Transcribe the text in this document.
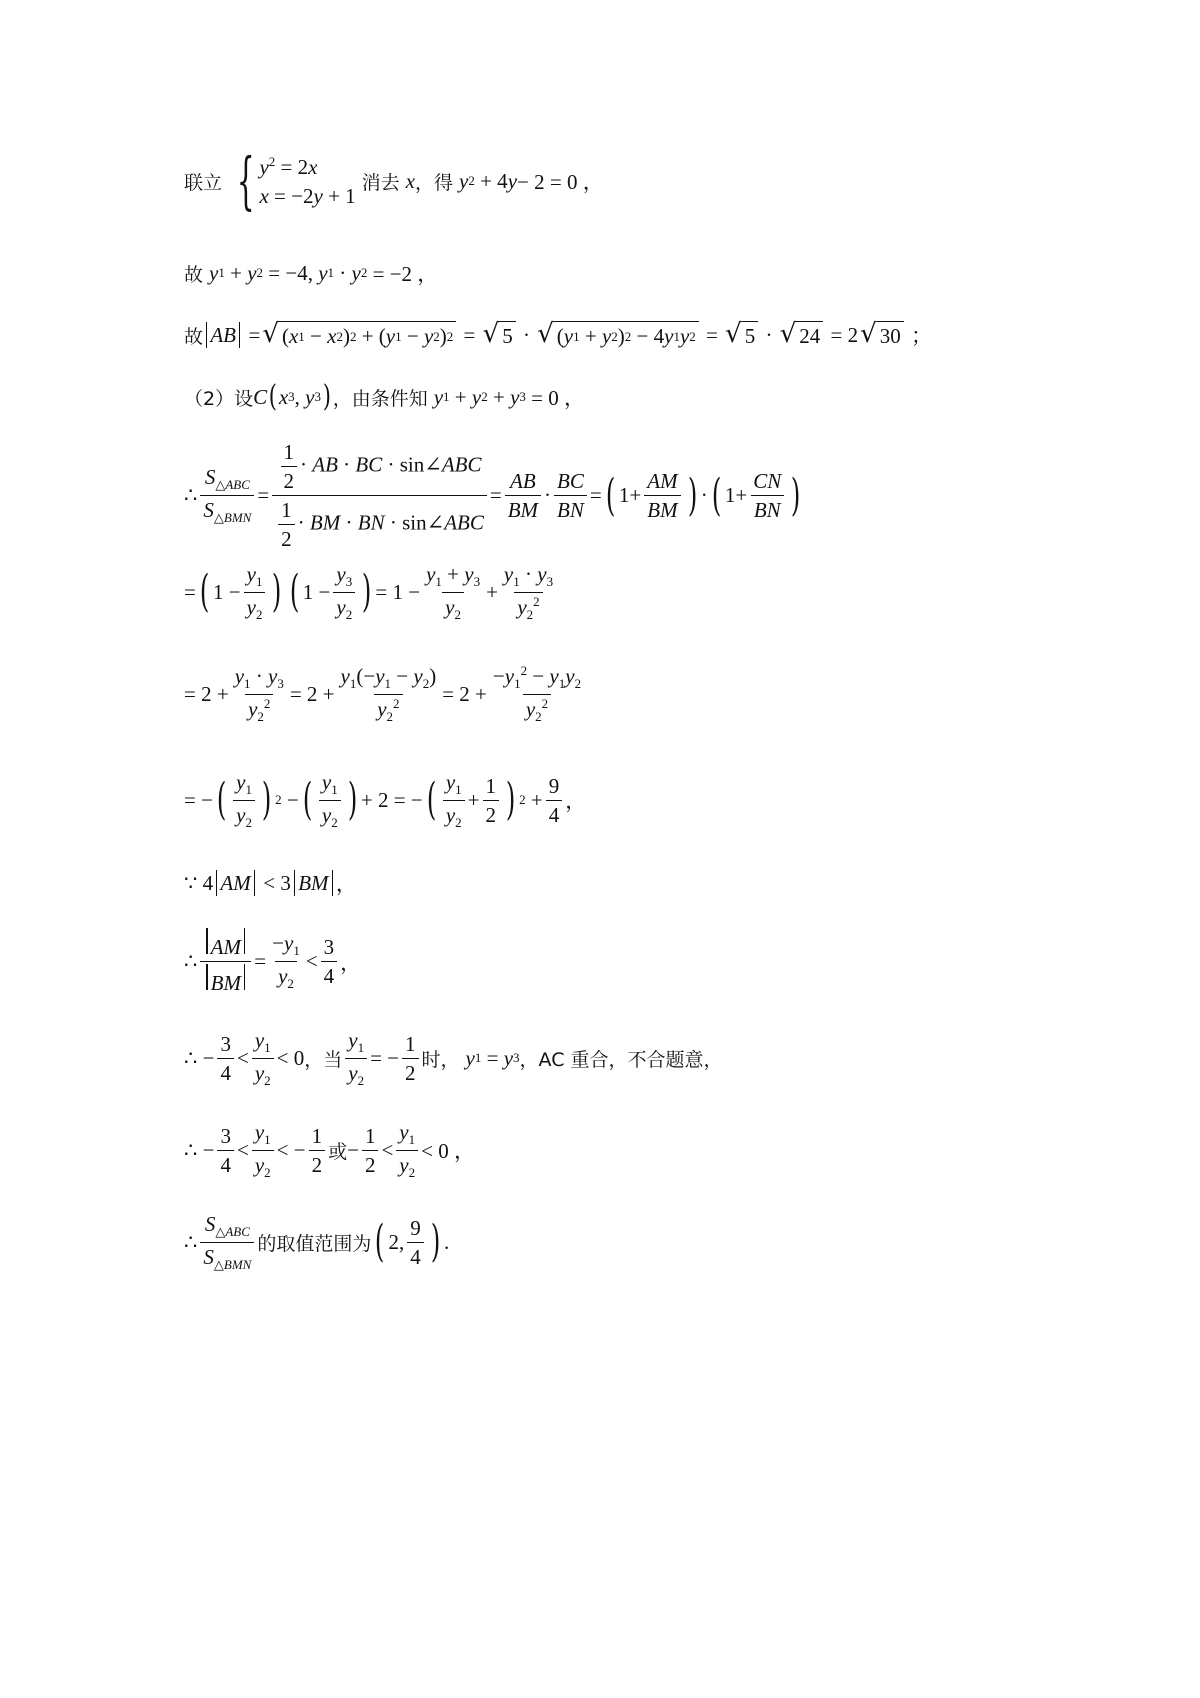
联立 { $y^2 = 2x$
x = −2y + 1
消去 x ，得 y 2 + 4 y − 2 = 0 ，
故 y 1 + y 2 = −4, y 1 · y 2 = −2 ，
故 AB = √ ( x 1 − x 2 ) 2 + ( y 1 − y 2 ) 2 = √ 5 · √ ( y 1 + y 2 ) 2 − 4 y 1 y 2 = √ 5 · √ 24 = 2 √ 30 ；
（2）设 C ( x 3 , y 3 ) ，由条件知 y 1 + y 2 + y 3 = 0 ，
∴ $\frac{S_{\triangle ABC}}{S_{\triangle BMN}} = \frac{\frac{1}{2} \cdot AB \cdot BC \cdot \sin\angle ABC}{\frac{1}{2} \cdot BM \cdot BN \cdot \sin\angle ABC} = \frac{AB}{BM} \cdot \frac{BC}{BN}$ = ( $1+ \frac{AM}{BM}$ ) · ( $1+ \frac{CN}{BN}$ )
= ( $1 - \frac{y_1}{y_2}$ ) ( $1 - \frac{y_3}{y_2}$ ) = $1 - \frac{y_1 + y_3}{y_2} + \frac{y_1 \cdot y_3}{y_2^2}$
= $2 + \frac{y_1 \cdot y_3}{y_2^2} = 2 + \frac{y_1(-y_1 - y_2)}{y_2^2} = 2 + \frac{-y_1^2 - y_1y_2}{y_2^2}$
= − ( $\frac{y_1}{y_2}$ ) 2 − ( $\frac{y_1}{y_2}$ ) + 2 = − ( $\frac{y_1}{y_2} + \frac{1}{2}$ ) $2 + \frac{9}{4}$ ，
∵ 4 AM < 3 BM ，
∴ $\frac{AM}{BM} = \frac{-y_1}{y_2} < \frac{3}{4}$ ，
∴ − $\frac{3}{4} < \frac{y_1}{y_2} < 0$ ，当 $\frac{y_1}{y_2}$ = − $\frac{1}{2}$ 时， y 1 = y 3 ，AC 重合，不合题意，
∴ − $\frac{3}{4} < \frac{y_1}{y_2}$ < − $\frac{1}{2}$ 或 − $\frac{1}{2} < \frac{y_1}{y_2} < 0$ ，
∴ $\frac{S_{\triangle ABC}}{S_{\triangle BMN}}$ 的取值范围为 ( 2, $\frac{9}{4}$ ) .
